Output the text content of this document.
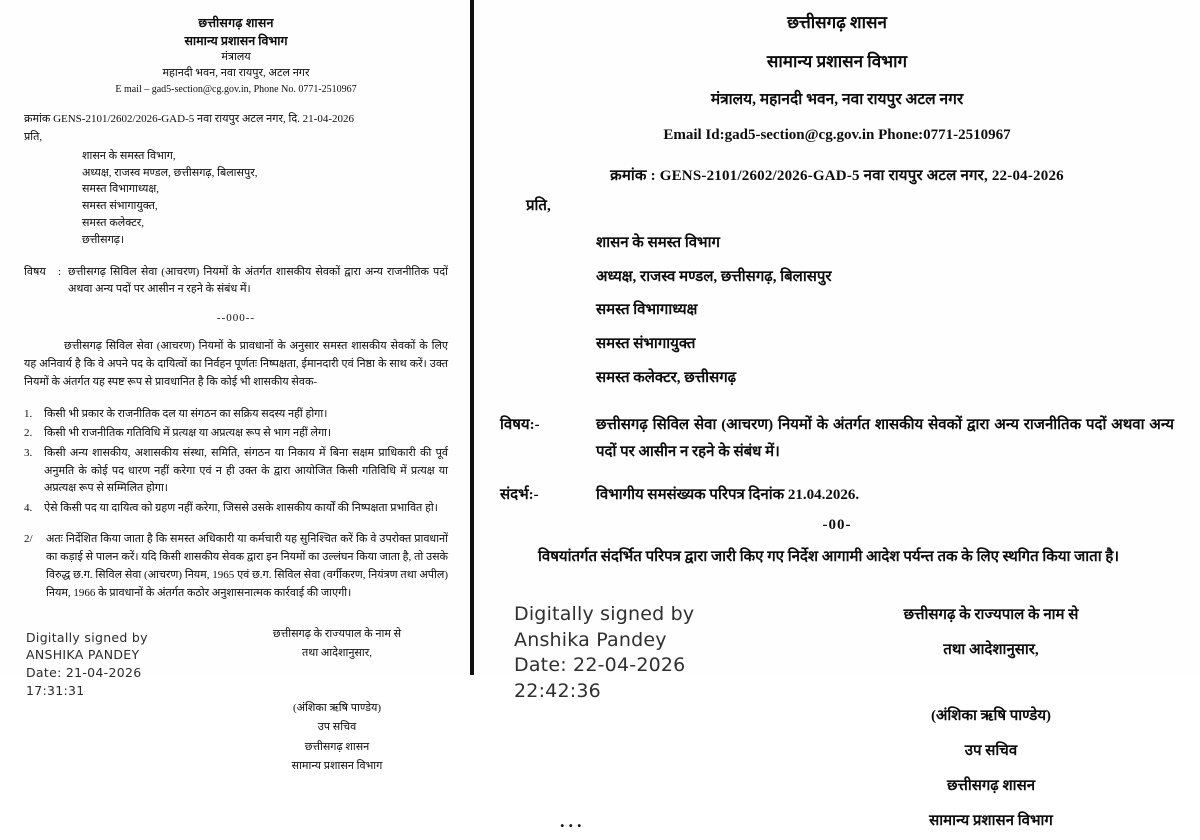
छत्तीसगढ़ शासन
सामान्य प्रशासन विभाग
मंत्रालय
महानदी भवन, नवा रायपुर, अटल नगर
E mail – gad5-section@cg.gov.in, Phone No. 0771-2510967
क्रमांक GENS-2101/2602/2026-GAD-5 नवा रायपुर अटल नगर, दि. 21-04-2026
प्रति,
शासन के समस्त विभाग,
अध्यक्ष, राजस्व मण्डल, छत्तीसगढ़, बिलासपुर,
समस्त विभागाध्यक्ष,
समस्त संभागायुक्त,
समस्त कलेक्टर,
छत्तीसगढ़।
विषय	: छत्तीसगढ़ सिविल सेवा (आचरण) नियमों के अंतर्गत शासकीय सेवकों द्वारा अन्य राजनीतिक पदों अथवा अन्य पदों पर आसीन न रहने के संबंध में।
--000--
छत्तीसगढ़ सिविल सेवा (आचरण) नियमों के प्रावधानों के अनुसार समस्त शासकीय सेवकों के लिए यह अनिवार्य है कि वे अपने पद के दायित्वों का निर्वहन पूर्णतः निष्पक्षता, ईमानदारी एवं निष्ठा के साथ करें। उक्त नियमों के अंतर्गत यह स्पष्ट रूप से प्रावधानित है कि कोई भी शासकीय सेवक-
1.	किसी भी प्रकार के राजनीतिक दल या संगठन का सक्रिय सदस्य नहीं होगा।
2.	किसी भी राजनीतिक गतिविधि में प्रत्यक्ष या अप्रत्यक्ष रूप से भाग नहीं लेगा।
3.	किसी अन्य शासकीय, अशासकीय संस्था, समिति, संगठन या निकाय में बिना सक्षम प्राधिकारी की पूर्व अनुमति के कोई पद धारण नहीं करेगा एवं न ही उक्त के द्वारा आयोजित किसी गतिविधि में प्रत्यक्ष या अप्रत्यक्ष रूप से सम्मिलित होगा।
4.	ऐसे किसी पद या दायित्व को ग्रहण नहीं करेगा, जिससे उसके शासकीय कार्यों की निष्पक्षता प्रभावित हो।
2/	अतः निर्देशित किया जाता है कि समस्त अधिकारी या कर्मचारी यह सुनिश्चित करें कि वे उपरोक्त प्रावधानों का कड़ाई से पालन करें। यदि किसी शासकीय सेवक द्वारा इन नियमों का उल्लंघन किया जाता है, तो उसके विरुद्ध छ.ग. सिविल सेवा (आचरण) नियम, 1965 एवं छ.ग. सिविल सेवा (वर्गीकरण, नियंत्रण तथा अपील) नियम, 1966 के प्रावधानों के अंतर्गत कठोर अनुशासनात्मक कार्रवाई की जाएगी।
Digitally signed by
ANSHIKA PANDEY
Date: 21-04-2026
17:31:31
छत्तीसगढ़ के राज्यपाल के नाम से
तथा आदेशानुसार,
(अंशिका ऋषि पाण्डेय)
उप सचिव
छत्तीसगढ़ शासन
सामान्य प्रशासन विभाग
छत्तीसगढ़ शासन
सामान्य प्रशासन विभाग
मंत्रालय, महानदी भवन, नवा रायपुर अटल नगर
Email Id:gad5-section@cg.gov.in Phone:0771-2510967
क्रमांक : GENS-2101/2602/2026-GAD-5 नवा रायपुर अटल नगर, 22-04-2026
प्रति,
शासन के समस्त विभाग
अध्यक्ष, राजस्व मण्डल, छत्तीसगढ़, बिलासपुर
समस्त विभागाध्यक्ष
समस्त संभागायुक्त
समस्त कलेक्टर, छत्तीसगढ़
विषय:-	छत्तीसगढ़ सिविल सेवा (आचरण) नियमों के अंतर्गत शासकीय सेवकों द्वारा अन्य राजनीतिक पदों अथवा अन्य पदों पर आसीन न रहने के संबंध में।
संदर्भ:-	विभागीय समसंख्यक परिपत्र दिनांक 21.04.2026.
-00-
विषयांतर्गत संदर्भित परिपत्र द्वारा जारी किए गए निर्देश आगामी आदेश पर्यन्त तक के लिए स्थगित किया जाता है।
Digitally signed by
Anshika Pandey
Date: 22-04-2026
22:42:36
छत्तीसगढ़ के राज्यपाल के नाम से
तथा आदेशानुसार,
(अंशिका ऋषि पाण्डेय)
उप सचिव
छत्तीसगढ़ शासन
सामान्य प्रशासन विभाग
...
